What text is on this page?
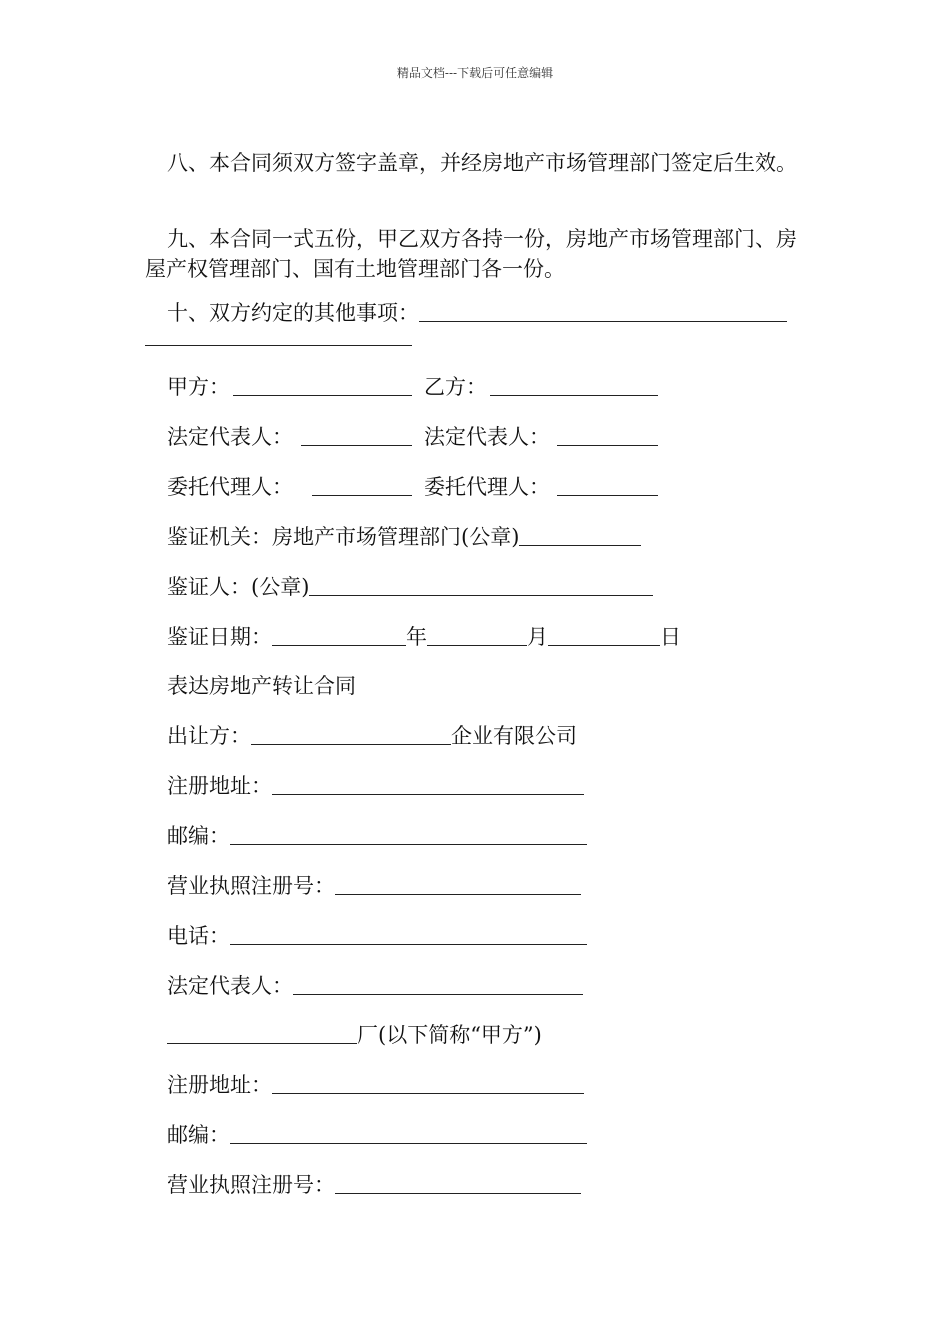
精品文档---下载后可任意编辑

八、本合同须双方签字盖章，并经房地产市场管理部门签定后生效。

九、本合同一式五份，甲乙双方各持一份，房地产市场管理部门、房屋产权管理部门、国有土地管理部门各一份。

十、双方约定的其他事项：
甲方：	乙方：
法定代表人：	法定代表人：
委托代理人：	委托代理人：
鉴证机关：房地产市场管理部门(公章)
鉴证人：(公章)
鉴证日期：	年	月	日
表达房地产转让合同
出让方：	企业有限公司
注册地址：
邮编：
营业执照注册号：
电话：
法定代表人：
厂(以下简称“甲方”)
注册地址：
邮编：
营业执照注册号：
